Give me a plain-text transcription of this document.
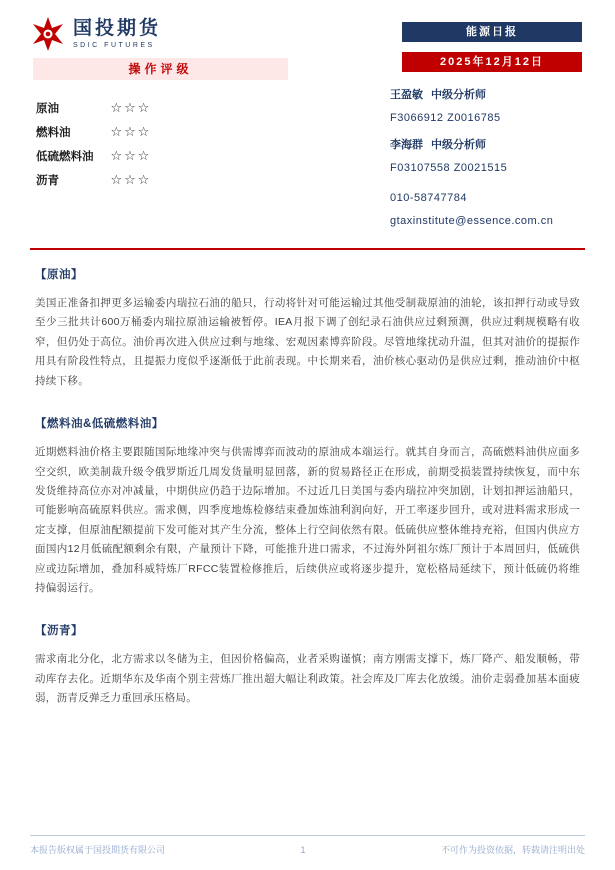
国投期货
SDIC FUTURES
能源日报
2025年12月12日
操作评级
原油	☆☆☆
燃料油	☆☆☆
低硫燃料油 ☆☆☆
沥青	☆☆☆
王盈敏 中级分析师
F3066912 Z0016785
李海群 中级分析师
F03107558 Z0021515
010-58747784
gtaxinstitute@essence.com.cn
【原油】
美国正准备扣押更多运输委内瑞拉石油的船只，行动将针对可能运输过其他受制裁原油的油轮，该扣押行动或导致至少三批共计600万桶委内瑞拉原油运输被暂停。IEA月报下调了创纪录石油供应过剩预测，供应过剩规模略有收窄，但仍处于高位。油价再次进入供应过剩与地缘、宏观因素博弈阶段。尽管地缘扰动升温，但其对油价的提振作用具有阶段性特点，且提振力度似乎逐渐低于此前表现。中长期来看，油价核心驱动仍是供应过剩，推动油价中枢持续下移。
【燃料油&低硫燃料油】
近期燃料油价格主要跟随国际地缘冲突与供需博弈而波动的原油成本端运行。就其自身而言，高硫燃料油供应面多空交织，欧美制裁升级令俄罗斯近几周发货量明显回落，新的贸易路径正在形成，前期受损装置持续恢复，而中东发货维持高位亦对冲减量，中期供应仍趋于边际增加。不过近几日美国与委内瑞拉冲突加剧，计划扣押运油船只，可能影响高硫原料供应。需求侧，四季度地炼检修结束叠加炼油利润向好，开工率逐步回升，或对进料需求形成一定支撑，但原油配额提前下发可能对其产生分流，整体上行空间依然有限。低硫供应整体维持充裕，但国内供应方面国内12月低硫配额剩余有限，产量预计下降，可能推升进口需求，不过海外阿祖尔炼厂预计于本周回归，低硫供应或边际增加，叠加科威特炼厂RFCC装置检修推后，后续供应或将逐步提升，宽松格局延续下，预计低硫仍将维持偏弱运行。
【沥青】
需求南北分化，北方需求以冬储为主，但因价格偏高，业者采购谨慎；南方刚需支撑下，炼厂降产、船发顺畅，带动库存去化。近期华东及华南个别主营炼厂推出超大幅让利政策。社会库及厂库去化放缓。油价走弱叠加基本面疲弱，沥青反弹乏力重回承压格局。
本报告版权属于国投期货有限公司	1	不可作为投资依据，转载请注明出处
